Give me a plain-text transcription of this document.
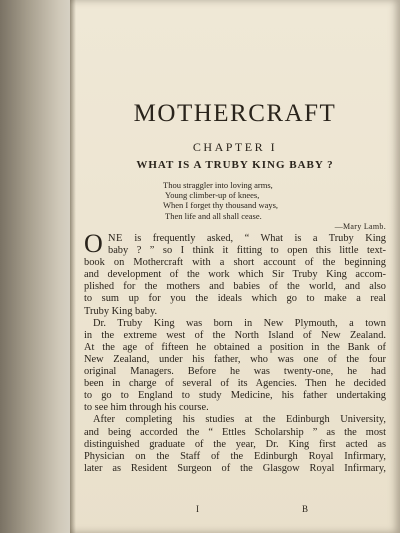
MOTHERCRAFT
CHAPTER I
WHAT IS A TRUBY KING BABY ?
Thou straggler into loving arms,
Young climber-up of knees,
When I forget thy thousand ways,
Then life and all shall cease.
—Mary Lamb.
O NE is frequently asked, “ What is a Truby King
baby ? ” so I think it fitting to open this little text-
book on Mothercraft with a short account of the beginning
and development of the work which Sir Truby King accom-
plished for the mothers and babies of the world, and also
to sum up for you the ideals which go to make a real
Truby King baby.
Dr. Truby King was born in New Plymouth, a town
in the extreme west of the North Island of New Zealand.
At the age of fifteen he obtained a position in the Bank of
New Zealand, under his father, who was one of the four
original Managers. Before he was twenty-one, he had
been in charge of several of its Agencies. Then he decided
to go to England to study Medicine, his father undertaking
to see him through his course.
After completing his studies at the Edinburgh University,
and being accorded the “ Ettles Scholarship ” as the most
distinguished graduate of the year, Dr. King first acted as
Physician on the Staff of the Edinburgh Royal Infirmary,
later as Resident Surgeon of the Glasgow Royal Infirmary,
I	B
